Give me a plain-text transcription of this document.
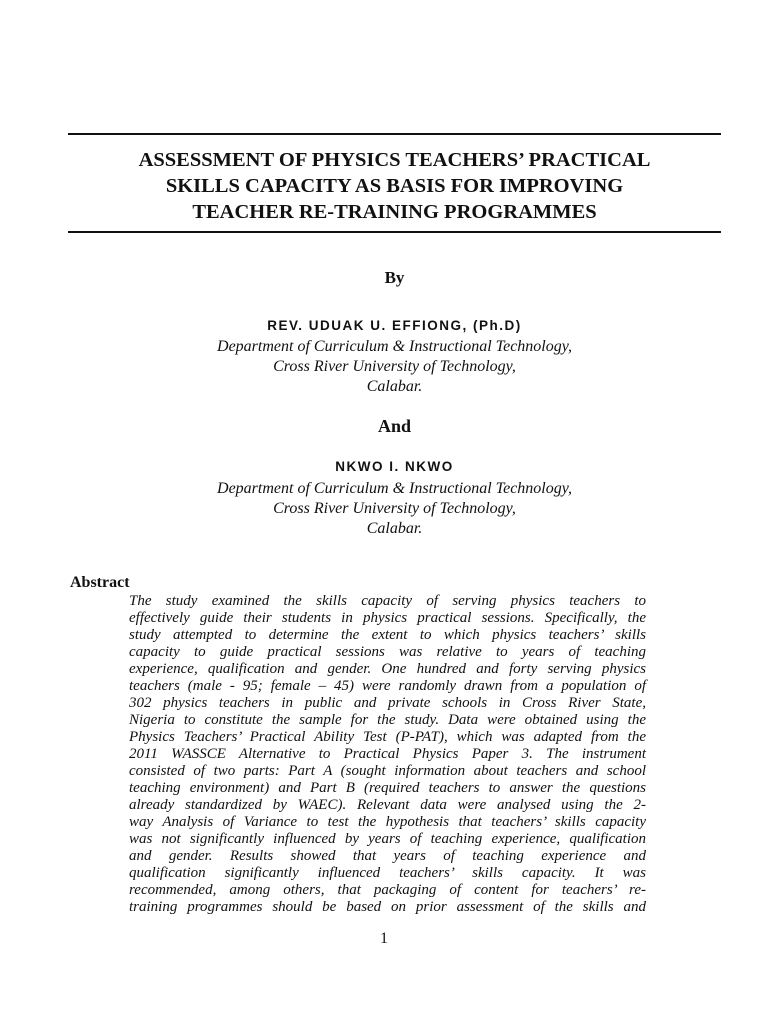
ASSESSMENT OF PHYSICS TEACHERS’ PRACTICAL
SKILLS CAPACITY AS BASIS FOR IMPROVING
TEACHER RE-TRAINING PROGRAMMES
By
REV. UDUAK U. EFFIONG, (Ph.D)
Department of Curriculum & Instructional Technology,
Cross River University of Technology,
Calabar.
And
NKWO I. NKWO
Department of Curriculum & Instructional Technology,
Cross River University of Technology,
Calabar.
Abstract
The study examined the skills capacity of serving physics teachers to
effectively guide their students in physics practical sessions. Specifically, the
study attempted to determine the extent to which physics teachers’ skills
capacity to guide practical sessions was relative to years of teaching
experience, qualification and gender. One hundred and forty serving physics
teachers (male - 95; female – 45) were randomly drawn from a population of
302 physics teachers in public and private schools in Cross River State,
Nigeria to constitute the sample for the study. Data were obtained using the
Physics Teachers’ Practical Ability Test (P-PAT), which was adapted from the
2011 WASSCE Alternative to Practical Physics Paper 3. The instrument
consisted of two parts: Part A (sought information about teachers and school
teaching environment) and Part B (required teachers to answer the questions
already standardized by WAEC). Relevant data were analysed using the 2-
way Analysis of Variance to test the hypothesis that teachers’ skills capacity
was not significantly influenced by years of teaching experience, qualification
and gender. Results showed that years of teaching experience and
qualification significantly influenced teachers’ skills capacity. It was
recommended, among others, that packaging of content for teachers’ re-
training programmes should be based on prior assessment of the skills and
1
